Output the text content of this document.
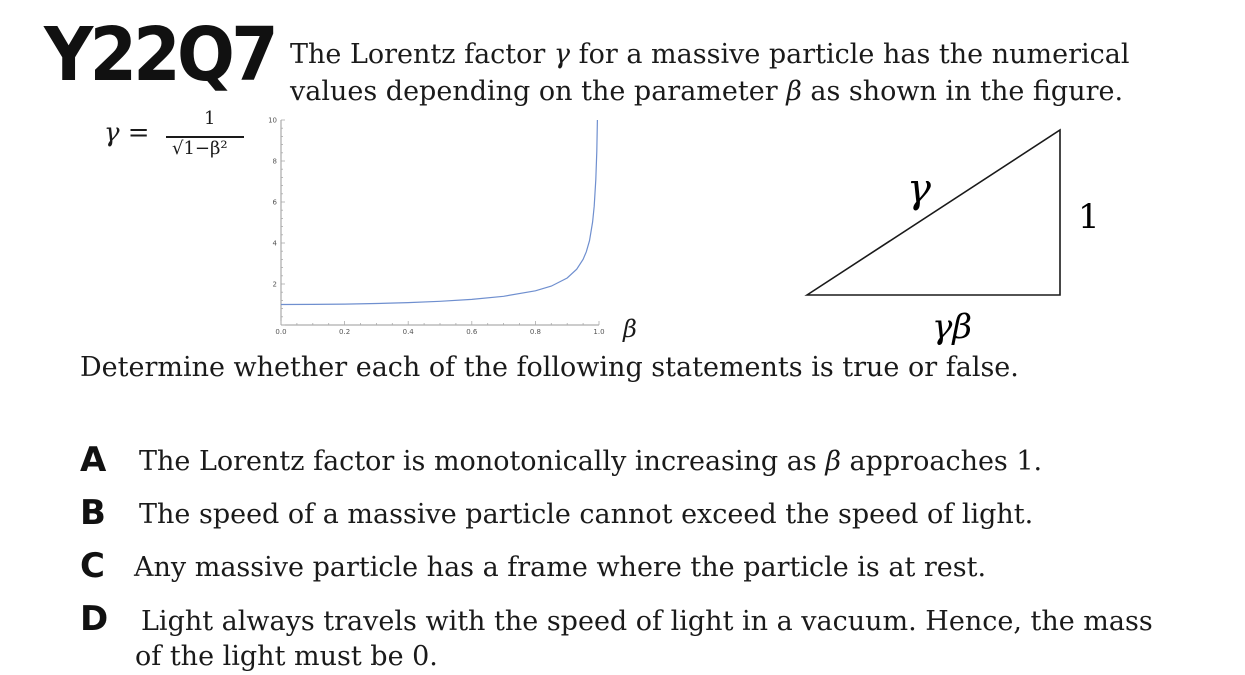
Y22Q7 The Lorentz factor γ for a massive particle has the numerical values depending on the parameter β as shown in the figure.
γ =	1
√1−β²
0.0	0.2	0.4	0.6	0.8	1.0
2
4
6
8
10
β
γ
1
γβ
Determine whether each of the following statements is true or false.
A The Lorentz factor is monotonically increasing as β approaches 1.
B The speed of a massive particle cannot exceed the speed of light.
C Any massive particle has a frame where the particle is at rest.
D Light always travels with the speed of light in a vacuum. Hence, the mass
of the light must be 0.
